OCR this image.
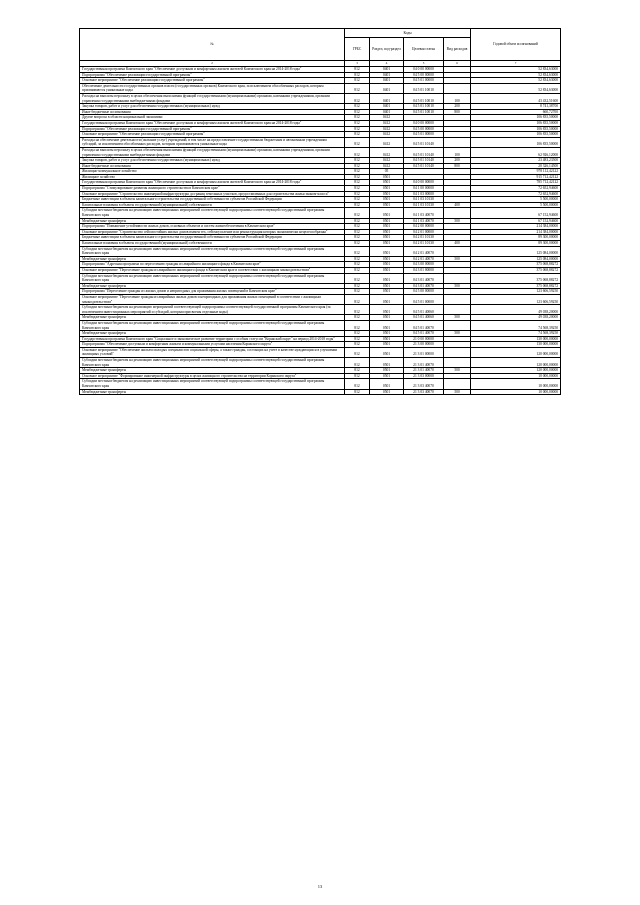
№	Коды				Годовой объем ассигнований
	ГРБС	Раздел, под-раздел	Целевая статья	Вид расходов	
2	3	4	5	6	7
Государственная программа Камчатского края "Обеспечение доступным и комфортным жильем жителей Камчатского края на 2014-2018 годы"	812	0401	04 0 00 00000		52 834,63000
Подпрограмма "Обеспечение реализации государственной программы"	812	0401	04 5 00 00000		52 834,63000
Основное мероприятие "Обеспечение реализации государственной программы"	812	0401	04 5 01 00000		52 834,63000
Обеспечение деятельности государственных органов власти (государственных органов) Камчатского края, за исключением обособленных расходов, которым присваиваются уникальные коды	812	0401	04 5 01 10010		52 834,63000
Расходы на выплаты персоналу в целях обеспечения выполнения функций государственными (муниципальными) органами, казенными учреждениями, органами управления государственными внебюджетными фондами	812	0401	04 5 01 10010	100	43 432,51600
Закупка товаров, работ и услуг для обеспечения государственных (муниципальных) нужд	812	0401	04 5 01 10010	200	8 741,38700
Иные бюджетные ассигнования	812	0401	04 5 01 10010	800	660,72700
Другие вопросы в области национальной экономики	812	0412			106 835,50000
Государственная программа Камчатского края "Обеспечение доступным и комфортным жильем жителей Камчатского края на 2014-2018 годы"	812	0412	04 0 00 00000		106 835,50000
Подпрограмма "Обеспечение реализации государственной программы"	812	0412	04 5 00 00000		106 835,50000
Основное мероприятие "Обеспечение реализации государственной программы"	812	0412	04 5 01 00000		106 835,50000
Расходы на обеспечение деятельности (оказание услуг) учреждений, в том числе на предоставление государственным бюджетным и автономным учреждениям субсидий, за исключением обособленных расходов, которым присваиваются уникальные коды	812	0412	04 5 01 10140		106 835,50000
Расходы на выплаты персоналу в целях обеспечения выполнения функций государственными (муниципальными) органами, казенными учреждениями, органами управления государственными внебюджетными фондами	812	0412	04 5 01 10140	100	62 926,12000
Закупка товаров, работ и услуг для обеспечения государственных (муниципальных) нужд	812	0412	04 5 01 10140	200	23 483,23500
Иные бюджетные ассигнования	812	0412	04 5 01 10140	800	20 326,14500
Жилищно-коммунальное хозяйство	812	05			978 112,42122
Жилищное хозяйство	812	0501			915 712,42122
Государственная программа Камчатского края "Обеспечение доступным и комфортным жильем жителей Камчатского края на 2014-2018 годы"	812	0501	04 0 00 00000		785 712,42122
Подпрограмма "Стимулирование развития жилищного строительства в Камчатском крае"	812	0501	04 1 00 00000		72 652,94600
Основное мероприятие "Строительство инженерной инфраструктуры до границ земельных участков, предоставленных для строительства жилья эконом-класса"	812	0501	04 1 03 00000		72 652,94600
Бюджетные инвестиции в объекты капитального строительства государственной собственности субъектов Российской Федерации	812	0501	04 1 03 10130		5 500,00000
Капитальные вложения в объекты государственной (муниципальной) собственности	812	0501	04 1 03 10130	400	5 500,00000
Субсидии местным бюджетам на реализацию инвестиционных мероприятий соответствующей подпрограммы соответствующей государственной программы Камчатского края	812	0501	04 1 03 40070		67 152,94600
Межбюджетные трансферты	812	0501	04 1 03 40070	500	67 152,94600
Подпрограмма "Повышение устойчивости жилых домов, основных объектов и систем жизнеобеспечения в Камчатском крае"	812	0501	04 2 00 00000		214 384,00000
Основное мероприятие "Строительство сейсмостойких жилых домов взамен тех, сейсмоусиление или реконструкция которых экономически нецелесообразны"	812	0501	04 2 01 00000		214 384,00000
Бюджетные инвестиции в объекты капитального строительства государственной собственности субъектов Российской Федерации	812	0501	04 2 01 10130		89 300,00000
Капитальные вложения в объекты государственной (муниципальной) собственности	812	0501	04 2 01 10130	400	89 300,00000
Субсидии местным бюджетам на реализацию инвестиционных мероприятий соответствующей подпрограммы соответствующей государственной программы Камчатского края	812	0501	04 2 01 40070		125 084,00000
Межбюджетные трансферты	812	0501	04 2 01 40070	500	125 084,00000
Подпрограмма "Адресная программа по переселению граждан из аварийного жилищного фонда в Камчатском крае"	812	0501	04 3 00 00000		375 068,88272
Основное мероприятие "Переселение граждан из аварийного жилищного фонда в Камчатском крае в соответствии с жилищным законодательством"	812	0501	04 3 01 00000		375 068,88272
Субсидии местным бюджетам на реализацию инвестиционных мероприятий соответствующей подпрограммы соответствующей государственной программы Камчатского края	812	0501	04 3 01 40070		375 068,88272
Межбюджетные трансферты	812	0501	04 3 01 40070	500	375 068,88272
Подпрограмма "Переселение граждан из жилых домов и непригодных для проживания жилых помещений в Камчатском крае"	812	0501	04 5 00 00000		123 606,59250
Основное мероприятие "Переселение граждан из аварийных жилых домов и непригодных для проживания жилых помещений в соответствии с жилищным законодательством"	812	0501	04 5 01 00000		123 606,59250
Субсидии местным бюджетам на реализацию мероприятий соответствующей подпрограммы соответствующей государственной программы Камчатского края (за исключением инвестиционных мероприятий и субсидий, которым присвоены отдельные коды)	812	0501	04 5 01 40060		49 038,20000
Межбюджетные трансферты	812	0501	04 5 01 40060	500	49 038,20000
Субсидии местным бюджетам на реализацию инвестиционных мероприятий соответствующей подпрограммы соответствующей государственной программы Камчатского края	812	0501	04 5 01 40070		74 568,39250
Межбюджетные трансферты	812	0501	04 5 01 40070	500	74 568,39250
Государственная программа Камчатского края "Социальное и экономическое развитие территории с особым статусом "Корякский округ" на период 2014-2018 годы"	812	0501	21 0 00 00000		130 000,00000
Подпрограмма "Обеспечение доступным и комфортным жильем и коммунальными услугами населения Корякского округа"	812	0501	21 3 00 00000		130 000,00000
Основное мероприятие "Обеспечение жильем молодых специалистов социальной сферы, а также граждан, состоящих на учете в качестве нуждающихся в улучшении жилищных условий"	812	0501	21 3 01 00000		120 000,00000
Субсидии местным бюджетам на реализацию инвестиционных мероприятий соответствующей подпрограммы соответствующей государственной программы Камчатского края	812	0501	21 3 01 40070		120 000,00000
Межбюджетные трансферты	812	0501	21 3 01 40070	500	120 000,00000
Основное мероприятие "Формирование инженерной инфраструктуры в целях жилищного строительства на территории Корякского округа"	812	0501	21 3 03 00000		10 000,00000
Субсидии местным бюджетам на реализацию инвестиционных мероприятий соответствующей подпрограммы соответствующей государственной программы Камчатского края	812	0501	21 3 03 40070		10 000,00000
Межбюджетные трансферты	812	0501	21 3 03 40070	500	10 000,00000
13
